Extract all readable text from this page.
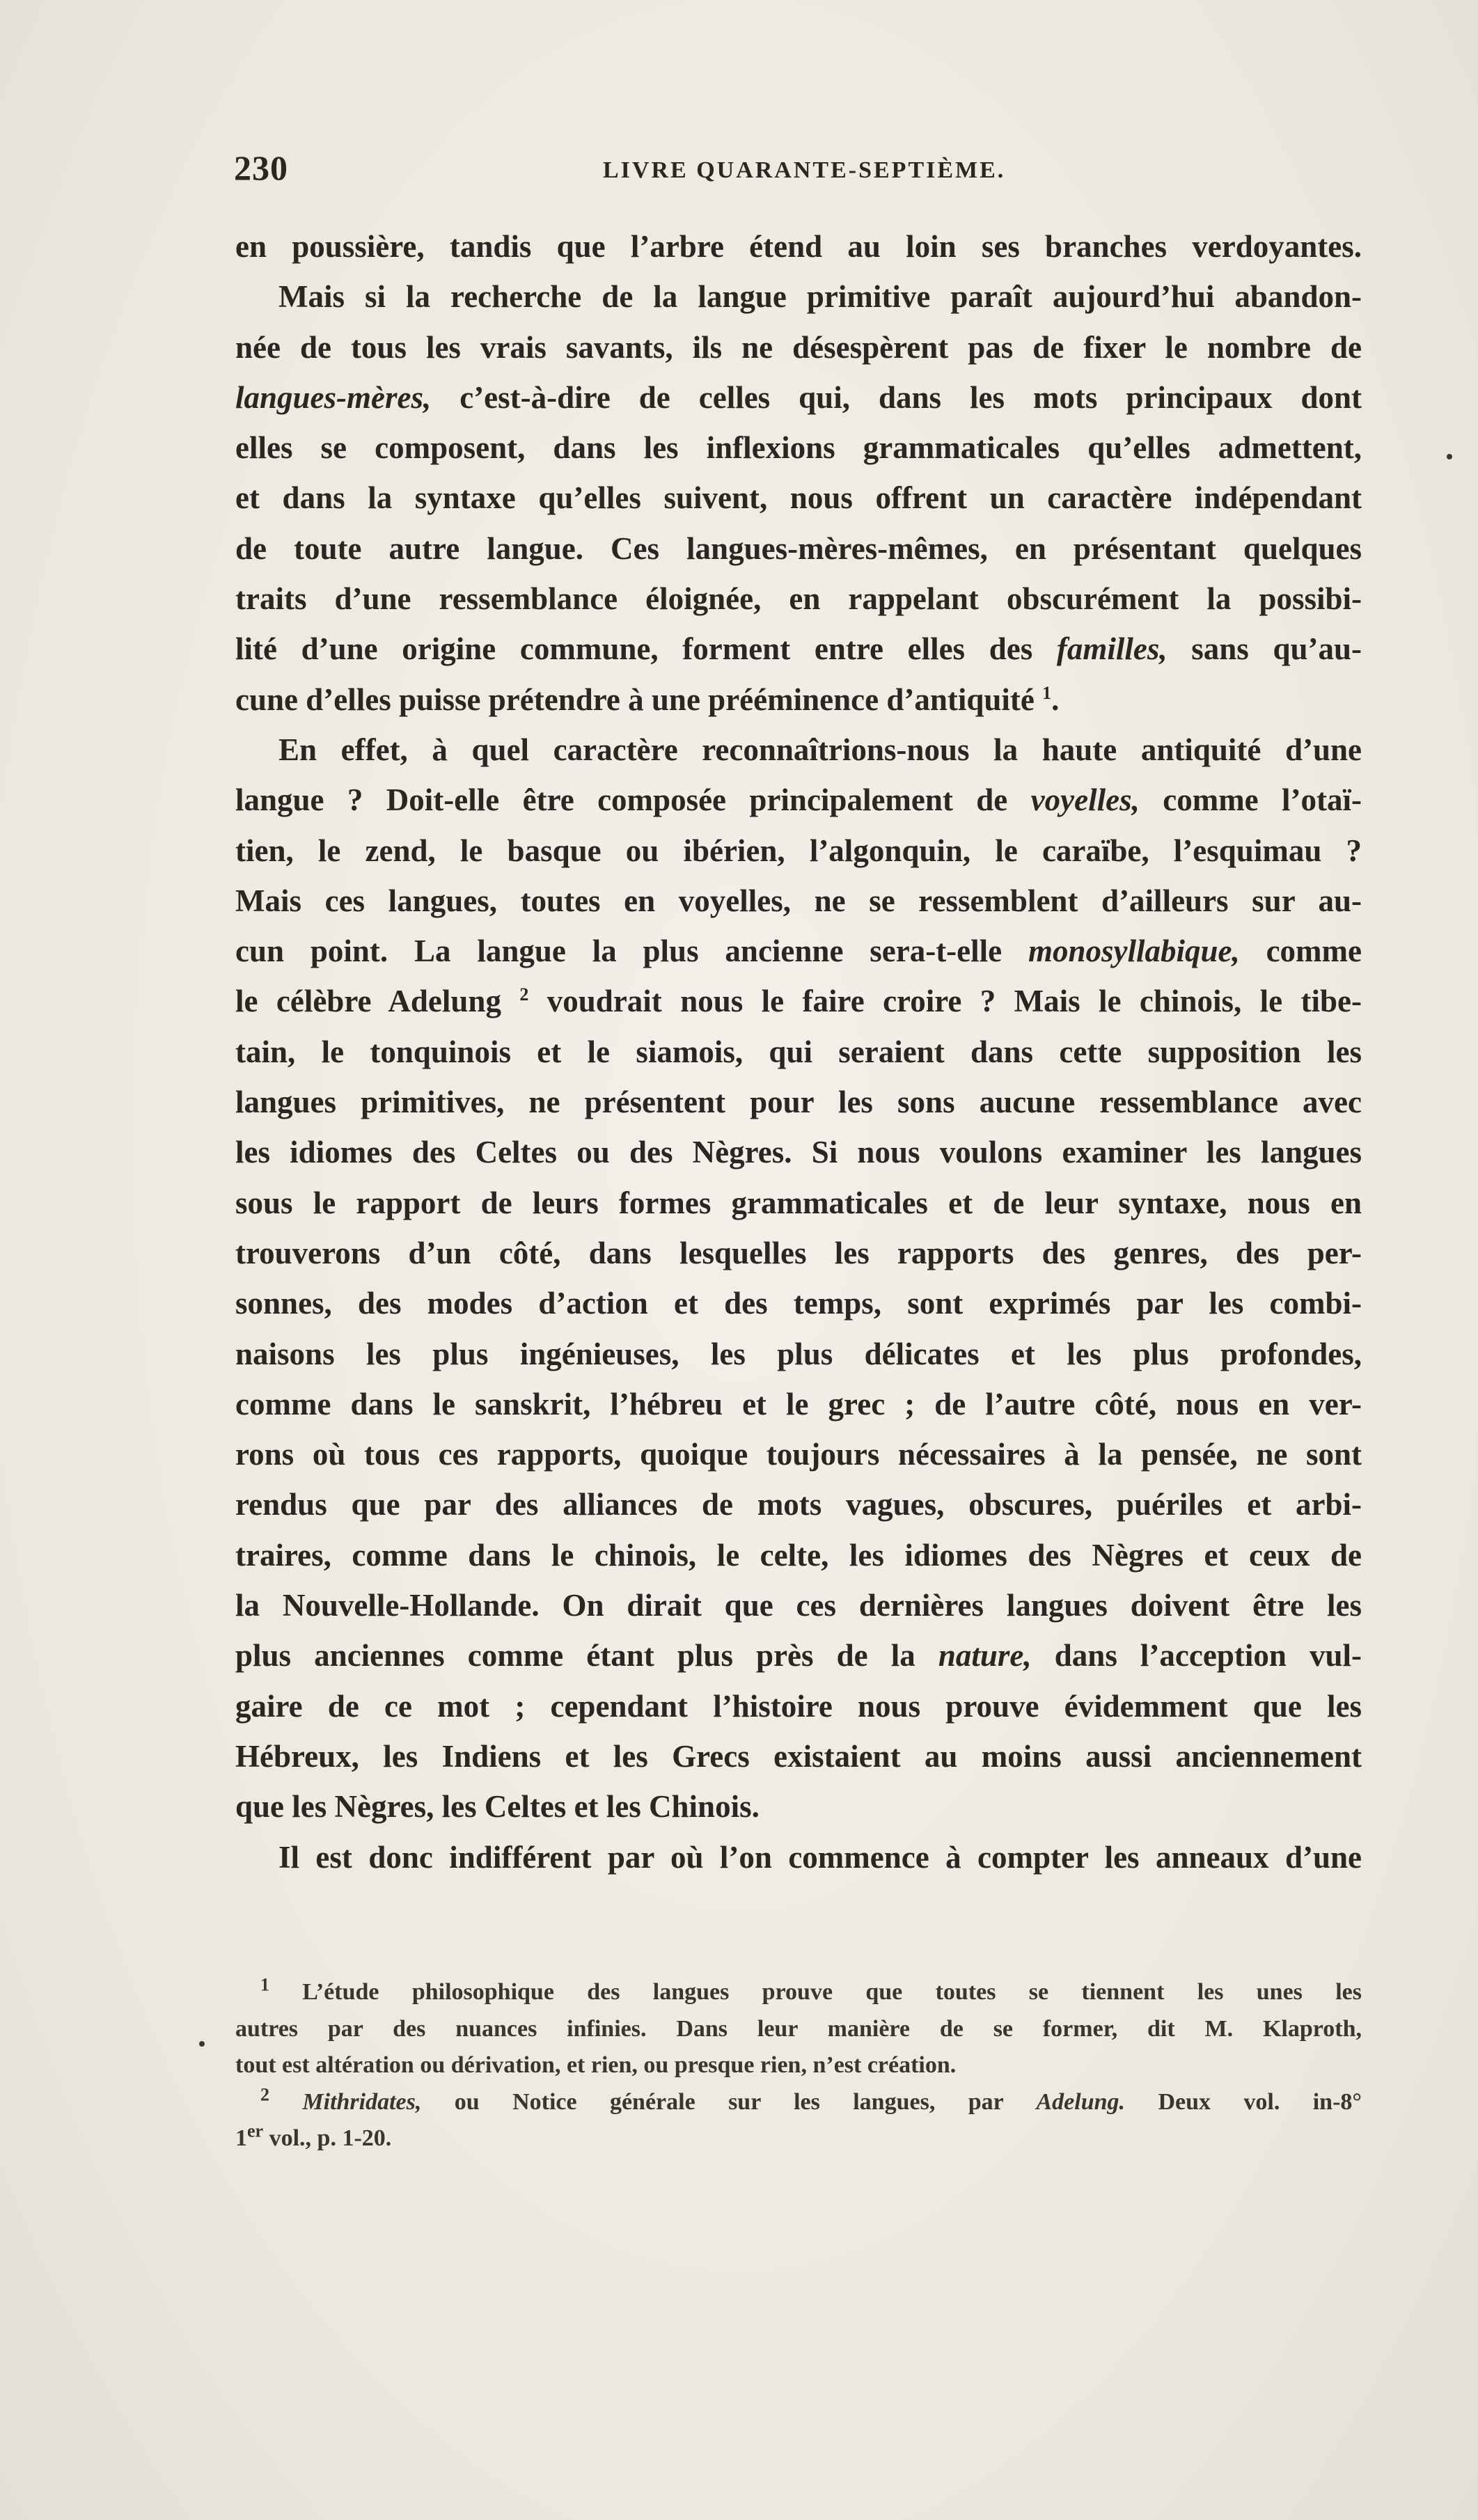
230	LIVRE QUARANTE-SEPTIÈME.
en poussière, tandis que l’arbre étend au loin ses branches verdoyantes.
Mais si la recherche de la langue primitive paraît aujourd’hui abandon-
née de tous les vrais savants, ils ne désespèrent pas de fixer le nombre de
langues-mères, c’est-à-dire de celles qui, dans les mots principaux dont
elles se composent, dans les inflexions grammaticales qu’elles admettent,
et dans la syntaxe qu’elles suivent, nous offrent un caractère indépendant
de toute autre langue. Ces langues-mères-mêmes, en présentant quelques
traits d’une ressemblance éloignée, en rappelant obscurément la possibi-
lité d’une origine commune, forment entre elles des familles, sans qu’au-
cune d’elles puisse prétendre à une prééminence d’antiquité $^1$.
En effet, à quel caractère reconnaîtrions-nous la haute antiquité d’une
langue ? Doit-elle être composée principalement de voyelles, comme l’otaï-
tien, le zend, le basque ou ibérien, l’algonquin, le caraïbe, l’esquimau ?
Mais ces langues, toutes en voyelles, ne se ressemblent d’ailleurs sur au-
cun point. La langue la plus ancienne sera-t-elle monosyllabique, comme
le célèbre Adelung $^2$ voudrait nous le faire croire ? Mais le chinois, le tibe-
tain, le tonquinois et le siamois, qui seraient dans cette supposition les
langues primitives, ne présentent pour les sons aucune ressemblance avec
les idiomes des Celtes ou des Nègres. Si nous voulons examiner les langues
sous le rapport de leurs formes grammaticales et de leur syntaxe, nous en
trouverons d’un côté, dans lesquelles les rapports des genres, des per-
sonnes, des modes d’action et des temps, sont exprimés par les combi-
naisons les plus ingénieuses, les plus délicates et les plus profondes,
comme dans le sanskrit, l’hébreu et le grec ; de l’autre côté, nous en ver-
rons où tous ces rapports, quoique toujours nécessaires à la pensée, ne sont
rendus que par des alliances de mots vagues, obscures, puériles et arbi-
traires, comme dans le chinois, le celte, les idiomes des Nègres et ceux de
la Nouvelle-Hollande. On dirait que ces dernières langues doivent être les
plus anciennes comme étant plus près de la nature, dans l’acception vul-
gaire de ce mot ; cependant l’histoire nous prouve évidemment que les
Hébreux, les Indiens et les Grecs existaient au moins aussi anciennement
que les Nègres, les Celtes et les Chinois.
Il est donc indifférent par où l’on commence à compter les anneaux d’une
$^1$ L’étude philosophique des langues prouve que toutes se tiennent les unes les
autres par des nuances infinies. Dans leur manière de se former, dit M. Klaproth,
tout est altération ou dérivation, et rien, ou presque rien, n’est création.
$^2$ Mithridates, ou Notice générale sur les langues, par Adelung. Deux vol. in-8°
1er vol., p. 1-20.
